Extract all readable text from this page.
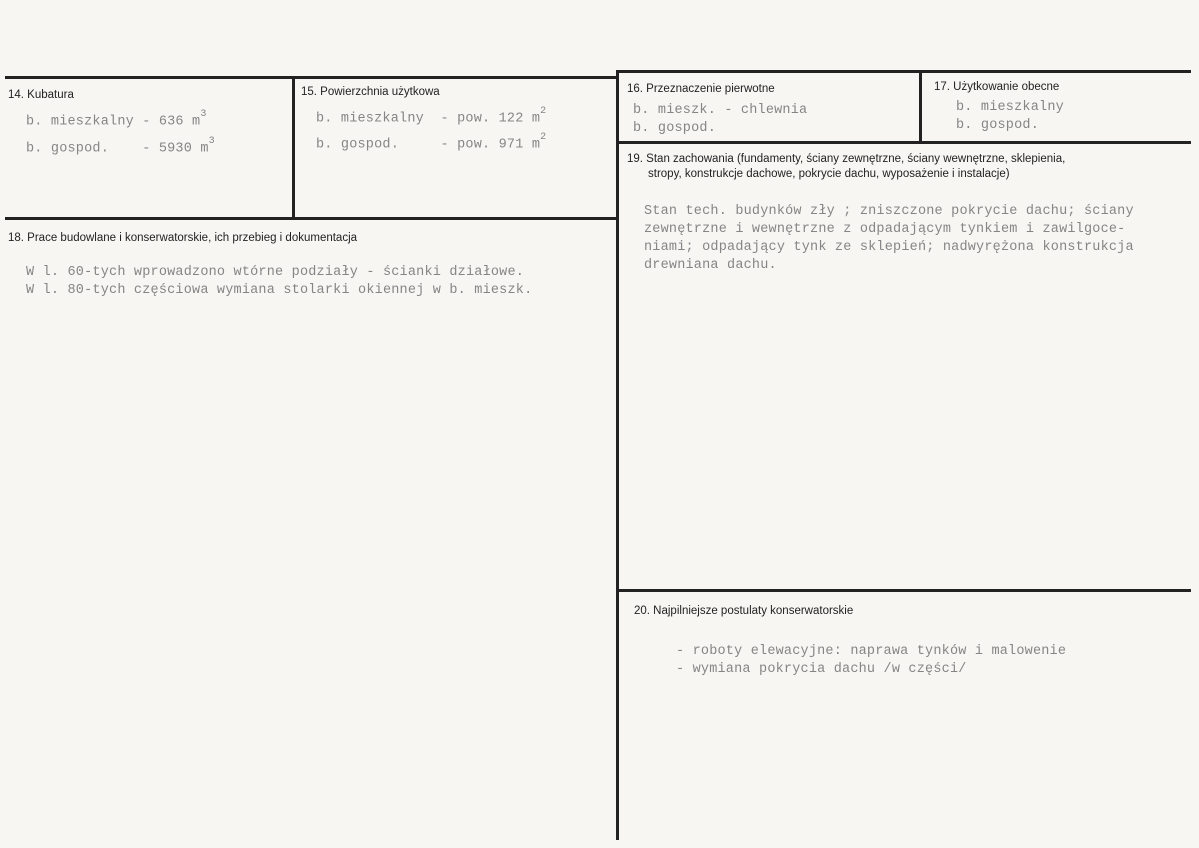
14. Kubatura
b. mieszkalny - 636 $m^3$
b. gospod.    - 5930 $m^3$
15. Powierzchnia użytkowa
b. mieszkalny  - pow. 122 $m^2$
b. gospod.     - pow. 971 $m^2$
16. Przeznaczenie pierwotne
b. mieszk. - chlewnia
b. gospod.
17. Użytkowanie obecne
b. mieszkalny
b. gospod.
19. Stan zachowania (fundamenty, ściany zewnętrzne, ściany wewnętrzne, sklepienia,
stropy, konstrukcje dachowe, pokrycie dachu, wyposażenie i instalacje)
Stan tech. budynków zły ; zniszczone pokrycie dachu; ściany
zewnętrzne i wewnętrzne z odpadającym tynkiem i zawilgoce-
niami; odpadający tynk ze sklepień; nadwyrężona konstrukcja
drewniana dachu.
18. Prace budowlane i konserwatorskie, ich przebieg i dokumentacja
W l. 60-tych wprowadzono wtórne podziały - ścianki działowe.
W l. 80-tych częściowa wymiana stolarki okiennej w b. mieszk.
20. Najpilniejsze postulaty konserwatorskie
- roboty elewacyjne: naprawa tynków i malowenie
- wymiana pokrycia dachu /w części/
